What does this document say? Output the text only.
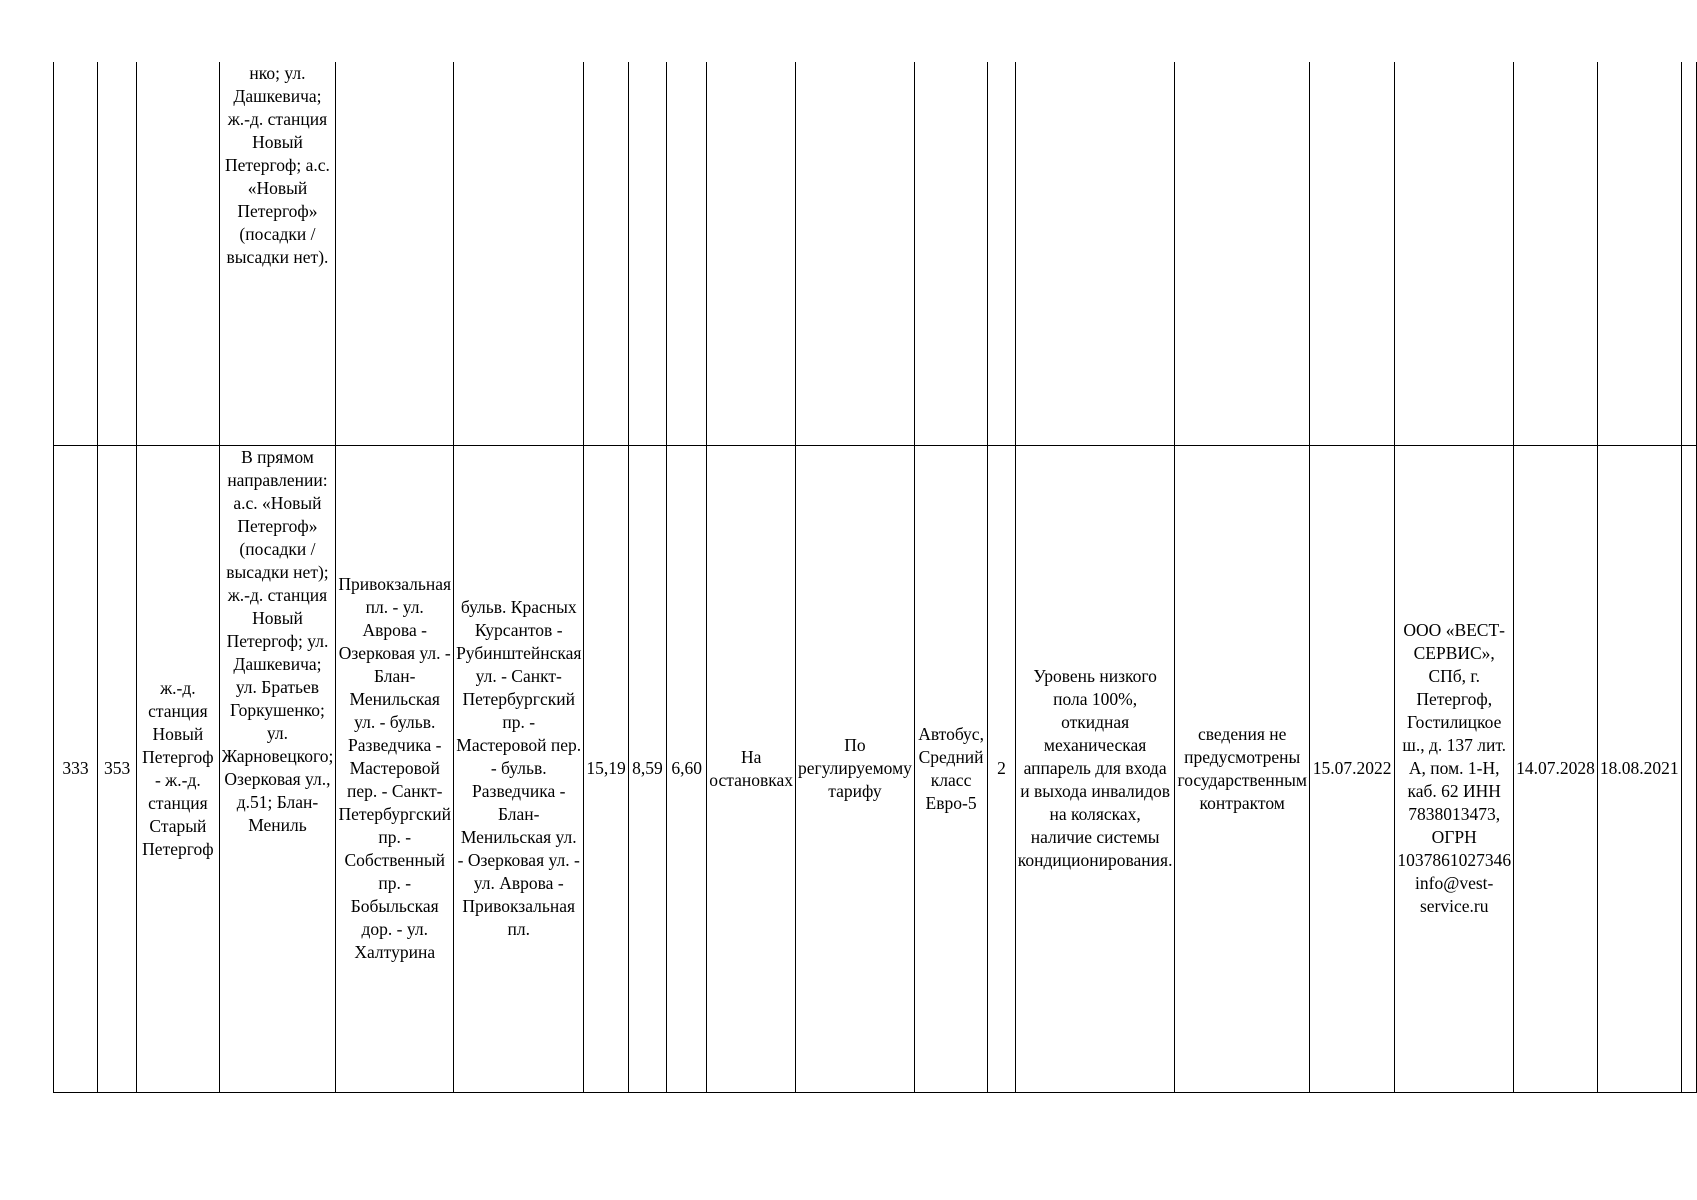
			нко; ул. Дашкевича; ж.-д. станция Новый Петергоф; а.с. «Новый Петергоф» (посадки /высадки нет).																
333	353	ж.-д. станция Новый Петергоф - ж.-д. станция Старый Петергоф	В прямом направлении: а.с. «Новый Петергоф» (посадки /высадки нет); ж.-д. станция Новый Петергоф; ул. Дашкевича; ул. Братьев Горкушенко; ул. Жарновецкого; Озерковая ул., д.51; Блан-Мениль	Привокзальная пл. - ул. Аврова - Озерковая ул. - Блан-Менильская ул. - бульв. Разведчика - Мастеровой пер. - Санкт-Петербургский пр. - Собственный пр. - Бобыльская дор. - ул. Халтурина	бульв. Красных Курсантов - Рубинштейнская ул. - Санкт-Петербургский пр. - Мастеровой пер. - бульв. Разведчика - Блан-Менильская ул. - Озерковая ул. - ул. Аврова - Привокзальная пл.	15,19	8,59	6,60	На остановках	По регулируемому тарифу	Автобус, Средний класс Евро-5	2	Уровень низкого пола 100%, откидная механическая аппарель для входа и выхода инвалидов на колясках, наличие системы кондиционирования.	сведения не предусмотрены государственным контрактом	15.07.2022	ООО «ВЕСТ-СЕРВИС», СПб, г. Петергоф, Гостилицкое ш., д. 137 лит. А, пом. 1-Н, каб. 62 ИНН 7838013473, ОГРН 1037861027346 info@vest-service.ru	14.07.2028	18.08.2021	
